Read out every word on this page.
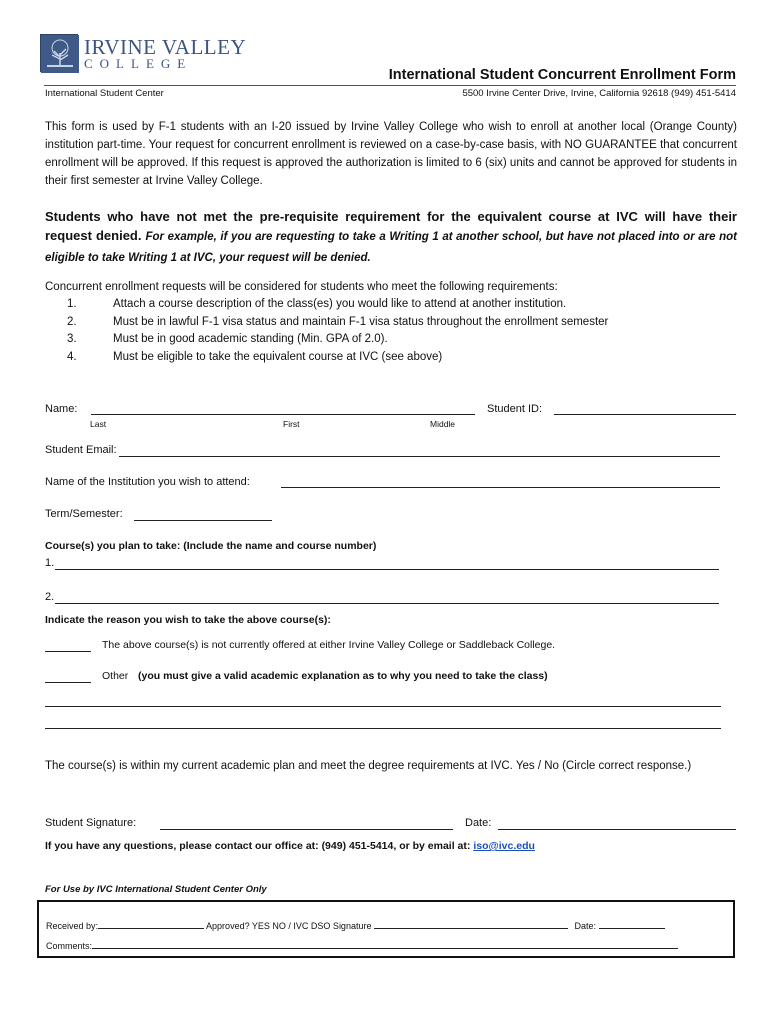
IRVINE VALLEY
COLLEGE
International Student Concurrent Enrollment Form
International Student Center	5500 Irvine Center Drive, Irvine, California 92618 (949) 451-5414
This form is used by F-1 students with an I-20 issued by Irvine Valley College who wish to enroll at another local (Orange County) institution part-time. Your request for concurrent enrollment is reviewed on a case-by-case basis, with NO GUARANTEE that concurrent enrollment will be approved. If this request is approved the authorization is limited to 6 (six) units and cannot be approved for students in their first semester at Irvine Valley College.
Students who have not met the pre-requisite requirement for the equivalent course at IVC will have their request denied. For example, if you are requesting to take a Writing 1 at another school, but have not placed into or are not eligible to take Writing 1 at IVC, your request will be denied.
Concurrent enrollment requests will be considered for students who meet the following requirements:
1.	Attach a course description of the class(es) you would like to attend at another institution.
2.	Must be in lawful F-1 visa status and maintain F-1 visa status throughout the enrollment semester
3.	Must be in good academic standing (Min. GPA of 2.0).
4.	Must be eligible to take the equivalent course at IVC (see above)
Name:
Last	First	Middle
Student ID:
Student Email:
Name of the Institution you wish to attend:
Term/Semester:
Course(s) you plan to take: (Include the name and course number)
1.
2.
Indicate the reason you wish to take the above course(s):
The above course(s) is not currently offered at either Irvine Valley College or Saddleback College.
Other (you must give a valid academic explanation as to why you need to take the class)
The course(s) is within my current academic plan and meet the degree requirements at IVC. Yes / No (Circle correct response.)
Student Signature:	Date:
If you have any questions, please contact our office at: (949) 451-5414, or by email at: iso@ivc.edu
For Use by IVC International Student Center Only
Received by:	Approved? YES NO / IVC DSO Signature	Date:
Comments:
